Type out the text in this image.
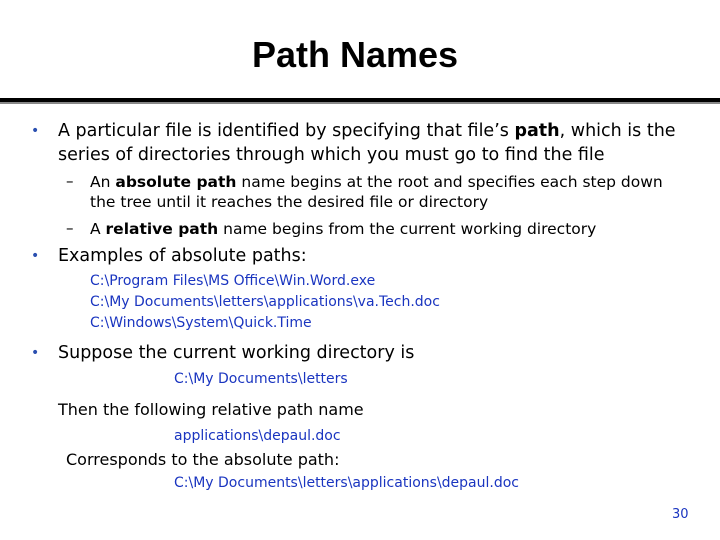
Path Names
• A particular file is identified by specifying that file’s path, which is the series of directories through which you must go to find the file
– An absolute path name begins at the root and specifies each step down the tree until it reaches the desired file or directory
– A relative path name begins from the current working directory
• Examples of absolute paths:
C:\Program Files\MS Office\Win.Word.exe
C:\My Documents\letters\applications\va.Tech.doc
C:\Windows\System\Quick.Time
• Suppose the current working directory is
C:\My Documents\letters
Then the following relative path name
applications\depaul.doc
Corresponds to the absolute path:
C:\My Documents\letters\applications\depaul.doc
30
